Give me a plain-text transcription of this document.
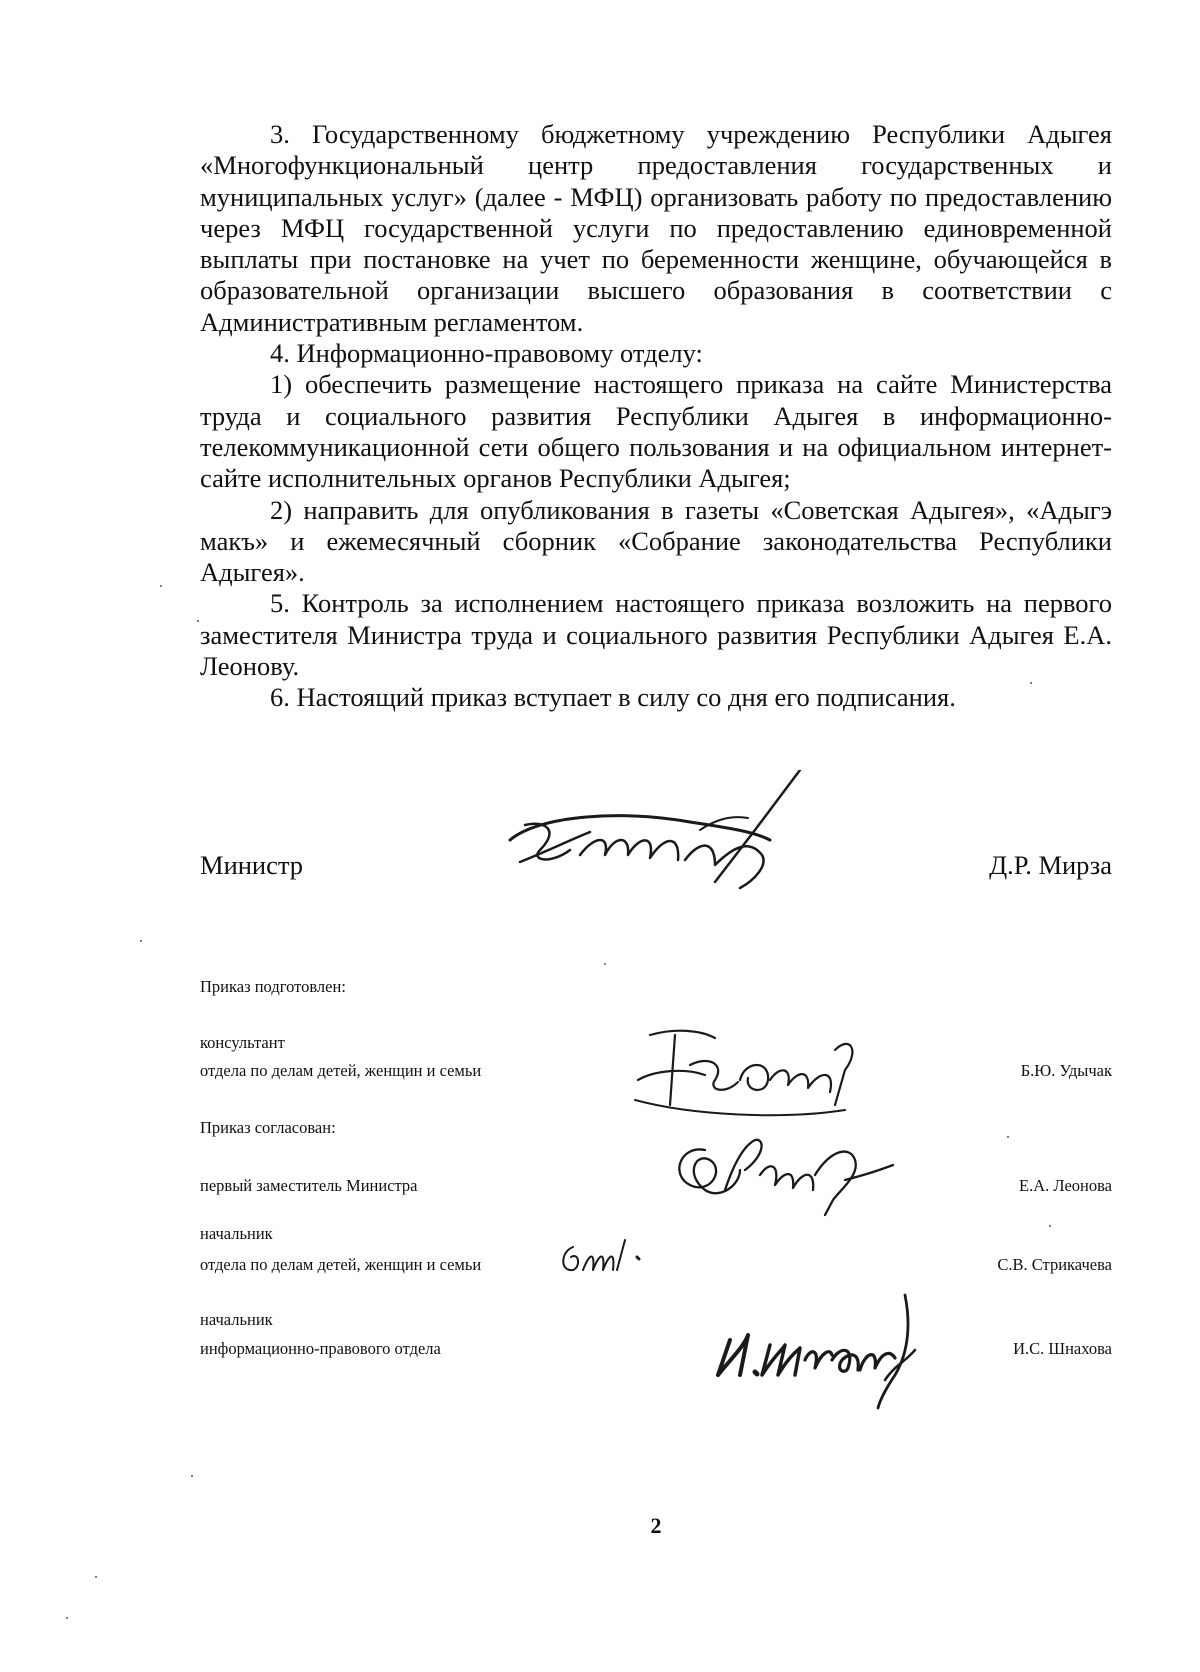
3. Государственному бюджетному учреждению Республики Адыгея «Многофункциональный центр предоставления государственных и муниципальных услуг» (далее - МФЦ) организовать работу по предоставлению через МФЦ государственной услуги по предоставлению единовременной выплаты при постановке на учет по беременности женщине, обучающейся в образовательной организации высшего образования в соответствии с Административным регламентом.

4. Информационно-правовому отделу:

1) обеспечить размещение настоящего приказа на сайте Министерства труда и социального развития Республики Адыгея в информационно-телекоммуникационной сети общего пользования и на официальном интернет-сайте исполнительных органов Республики Адыгея;

2) направить для опубликования в газеты «Советская Адыгея», «Адыгэ макъ» и ежемесячный сборник «Собрание законодательства Республики Адыгея».

5. Контроль за исполнением настоящего приказа возложить на первого заместителя Министра труда и социального развития Республики Адыгея Е.А. Леонову.

6. Настоящий приказ вступает в силу со дня его подписания.

Министр	Д.Р. Мирза
Приказ подготовлен:
консультант
отдела по делам детей, женщин и семьи	Б.Ю. Удычак
Приказ согласован:
первый заместитель Министра	Е.А. Леонова
начальник
отдела по делам детей, женщин и семьи	С.В. Стрикачева
начальник
информационно-правового отдела	И.С. Шнахова
2
